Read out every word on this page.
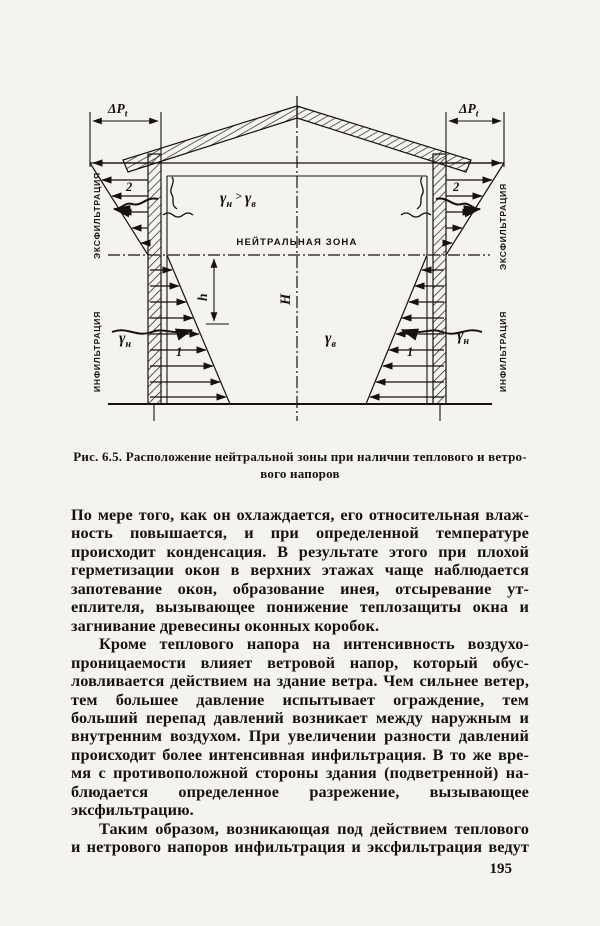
НЕЙТРАЛЬНАЯ ЗОНА
$\Delta P_t$	$\Delta P_t$
2	2
1	1
h	H
$\gamma_н$ > $\gamma_в$
$\gamma_в$
$\gamma_н$
$\gamma_н$
ЭКСФИЛЬТРАЦИЯ
ИНФИЛЬТРАЦИЯ
ЭКСФИЛЬТРАЦИЯ
ИНФИЛЬТРАЦИЯ
Рис. 6.5. Расположение нейтральной зоны при наличии теплового и ветро-
вого напоров
По мере того, как он охлаждается, его относительная влаж-
ность повышается, и при определенной температуре
происходит конденсация. В результате этого при плохой
герметизации окон в верхних этажах чаще наблюдается
запотевание окон, образование инея, отсыревание ут-
еплителя, вызывающее понижение теплозащиты окна и
загнивание древесины оконных коробок.
Кроме теплового напора на интенсивность воздухо-
проницаемости влияет ветровой напор, который обус-
ловливается действием на здание ветра. Чем сильнее ветер,
тем большее давление испытывает ограждение, тем
больший перепад давлений возникает между наружным и
внутренним воздухом. При увеличении разности давлений
происходит более интенсивная инфильтрация. В то же вре-
мя с противоположной стороны здания (подветренной) на-
блюдается определенное разрежение, вызывающее
эксфильтрацию.
Таким образом, возникающая под действием теплового
и нетрового напоров инфильтрация и эксфильтрация ведут
195
